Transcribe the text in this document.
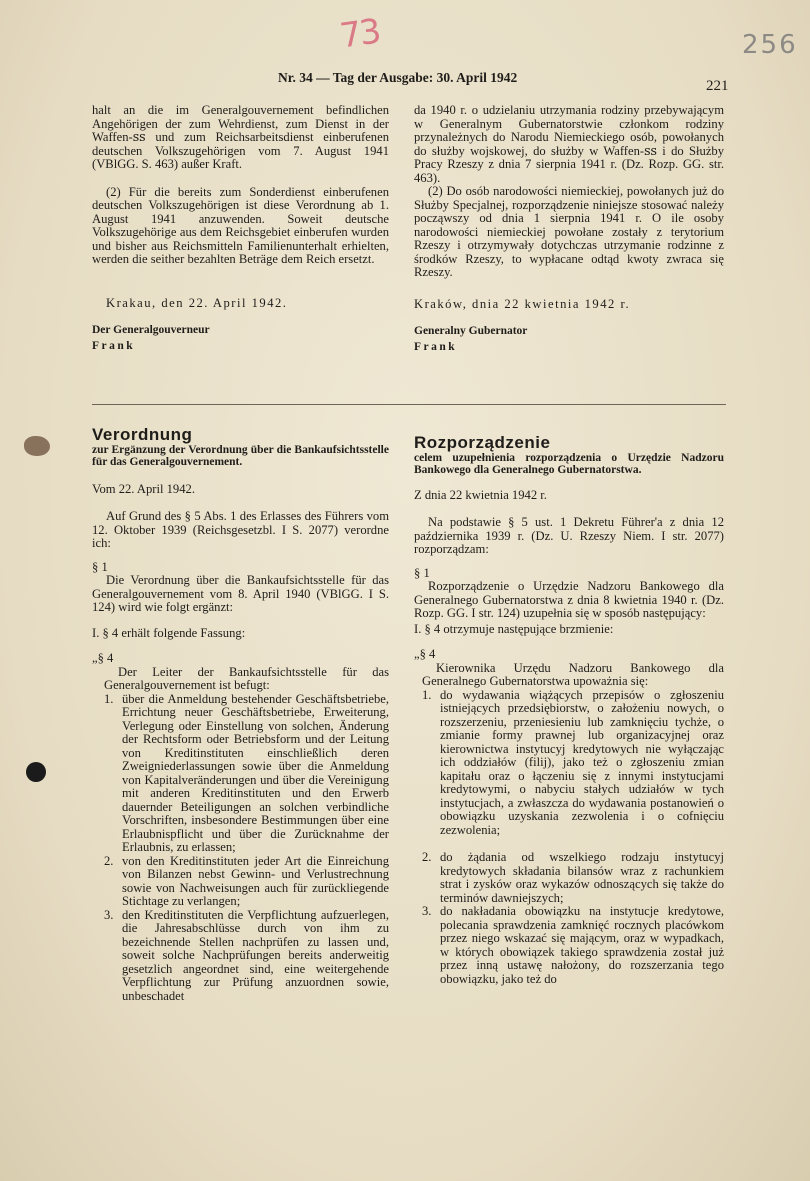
73	256
Nr. 34 — Tag der Ausgabe: 30. April 1942
221

halt an die im Generalgouvernement befindlichen Angehörigen der zum Wehrdienst, zum Dienst in der Waffen-ꜱꜱ und zum Reichsarbeitsdienst einberufenen deutschen Volkszugehörigen vom 7. August 1941 (VBlGG. S. 463) außer Kraft.

(2) Für die bereits zum Sonderdienst einberufenen deutschen Volkszugehörigen ist diese Verordnung ab 1. August 1941 anzuwenden. Soweit deutsche Volkszugehörige aus dem Reichsgebiet einberufen wurden und bisher aus Reichsmitteln Familienunterhalt erhielten, werden die seither bezahlten Beträge dem Reich ersetzt.

Krakau, den 22. April 1942.

Der Generalgouverneur

Frank

da 1940 r. o udzielaniu utrzymania rodziny przebywającym w Generalnym Gubernatorstwie członkom rodziny przynależnych do Narodu Niemieckiego osób, powołanych do służby wojskowej, do służby w Waffen-ꜱꜱ i do Służby Pracy Rzeszy z dnia 7 sierpnia 1941 r. (Dz. Rozp. GG. str. 463).

(2) Do osób narodowości niemieckiej, powołanych już do Służby Specjalnej, rozporządzenie niniejsze stosować należy począwszy od dnia 1 sierpnia 1941 r. O ile osoby narodowości niemieckiej powołane zostały z terytorium Rzeszy i otrzymywały dotychczas utrzymanie rodzinne z środków Rzeszy, to wypłacane odtąd kwoty zwraca się Rzeszy.

Kraków, dnia 22 kwietnia 1942 r.

Generalny Gubernator

Frank

Verordnung

zur Ergänzung der Verordnung über die Bankaufsichtsstelle für das Generalgouvernement.

Vom 22. April 1942.

Auf Grund des § 5 Abs. 1 des Erlasses des Führers vom 12. Oktober 1939 (Reichsgesetzbl. I S. 2077) verordne ich:

§ 1

Die Verordnung über die Bankaufsichtsstelle für das Generalgouvernement vom 8. April 1940 (VBlGG. I S. 124) wird wie folgt ergänzt:

I. § 4 erhält folgende Fassung:

„§ 4

Der Leiter der Bankaufsichtsstelle für das Generalgouvernement ist befugt:

1. über die Anmeldung bestehender Geschäftsbetriebe, Errichtung neuer Geschäftsbetriebe, Erweiterung, Verlegung oder Einstellung von solchen, Änderung der Rechtsform oder Betriebsform und der Leitung von Kreditinstituten einschließlich deren Zweigniederlassungen sowie über die Anmeldung von Kapitalveränderungen und über die Vereinigung mit anderen Kreditinstituten und den Erwerb dauernder Beteiligungen an solchen verbindliche Vorschriften, insbesondere Bestimmungen über eine Erlaubnispflicht und über die Zurücknahme der Erlaubnis, zu erlassen;
2. von den Kreditinstituten jeder Art die Einreichung von Bilanzen nebst Gewinn- und Verlustrechnung sowie von Nachweisungen auch für zurückliegende Stichtage zu verlangen;
3. den Kreditinstituten die Verpflichtung aufzuerlegen, die Jahresabschlüsse durch von ihm zu bezeichnende Stellen nachprüfen zu lassen und, soweit solche Nachprüfungen bereits anderweitig gesetzlich angeordnet sind, eine weitergehende Verpflichtung zur Prüfung anzuordnen sowie, unbeschadet

Rozporządzenie

celem uzupełnienia rozporządzenia o Urzędzie Nadzoru Bankowego dla Generalnego Gubernatorstwa.

Z dnia 22 kwietnia 1942 r.

Na podstawie § 5 ust. 1 Dekretu Führer'a z dnia 12 października 1939 r. (Dz. U. Rzeszy Niem. I str. 2077) rozporządzam:

§ 1

Rozporządzenie o Urzędzie Nadzoru Bankowego dla Generalnego Gubernatorstwa z dnia 8 kwietnia 1940 r. (Dz. Rozp. GG. I str. 124) uzupełnia się w sposób następujący:

I. § 4 otrzymuje następujące brzmienie:

„§ 4

Kierownika Urzędu Nadzoru Bankowego dla Generalnego Gubernatorstwa upoważnia się:

1. do wydawania wiążących przepisów o zgłoszeniu istniejących przedsiębiorstw, o założeniu nowych, o rozszerzeniu, przeniesieniu lub zamknięciu tychże, o zmianie formy prawnej lub organizacyjnej oraz kierownictwa instytucyj kredytowych nie wyłączając ich oddziałów (filij), jako też o zgłoszeniu zmian kapitału oraz o łączeniu się z innymi instytucjami kredytowymi, o nabyciu stałych udziałów w tych instytucjach, a zwłaszcza do wydawania postanowień o obowiązku uzyskania zezwolenia i o cofnięciu zezwolenia;
2. do żądania od wszelkiego rodzaju instytucyj kredytowych składania bilansów wraz z rachunkiem strat i zysków oraz wykazów odnoszących się także do terminów dawniejszych;
3. do nakładania obowiązku na instytucje kredytowe, polecania sprawdzenia zamknięć rocznych placówkom przez niego wskazać się mającym, oraz w wypadkach, w których obowiązek takiego sprawdzenia został już przez inną ustawę nałożony, do rozszerzania tego obowiązku, jako też do
